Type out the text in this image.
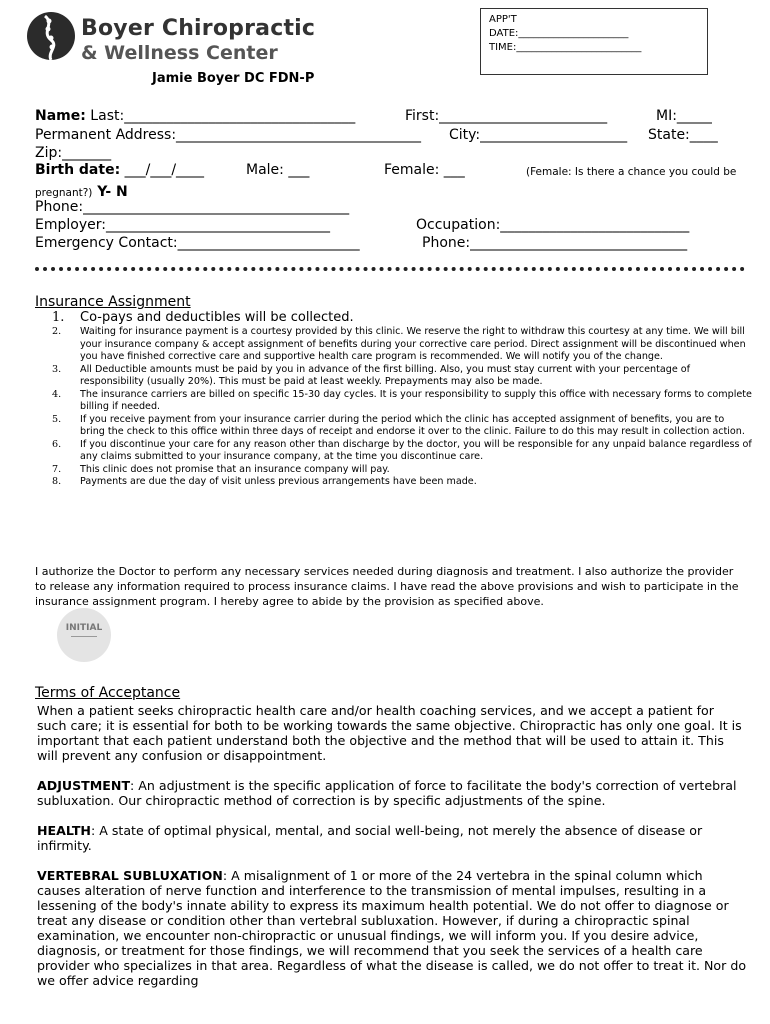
Boyer Chiropractic
& Wellness Center
APP'T
DATE:______________________
TIME:_________________________
Jamie Boyer DC FDN-P
Name: Last:_________________________________	First:________________________	MI:_____
Permanent Address:___________________________________ City:_____________________ State:____
Zip:_______
Birth date: ___/___/____	Male: ___	Female: ___	(Female: Is there a chance you could be
pregnant?) Y- N
Phone:______________________________________
Employer:________________________________	Occupation:___________________________
Emergency Contact:__________________________	Phone:_______________________________
Insurance Assignment
1.	Co-pays and deductibles will be collected.
2.	Waiting for insurance payment is a courtesy provided by this clinic. We reserve the right to withdraw this courtesy at any time. We will bill your insurance company & accept assignment of benefits during your corrective care period. Direct assignment will be discontinued when you have finished corrective care and supportive health care program is recommended. We will notify you of the change.
3.	All Deductible amounts must be paid by you in advance of the first billing. Also, you must stay current with your percentage of responsibility (usually 20%). This must be paid at least weekly. Prepayments may also be made.
4.	The insurance carriers are billed on specific 15-30 day cycles. It is your responsibility to supply this office with necessary forms to complete billing if needed.
5.	If you receive payment from your insurance carrier during the period which the clinic has accepted assignment of benefits, you are to bring the check to this office within three days of receipt and endorse it over to the clinic. Failure to do this may result in collection action.
6.	If you discontinue your care for any reason other than discharge by the doctor, you will be responsible for any unpaid balance regardless of any claims submitted to your insurance company, at the time you discontinue care.
7.	This clinic does not promise that an insurance company will pay.
8.	Payments are due the day of visit unless previous arrangements have been made.
I authorize the Doctor to perform any necessary services needed during diagnosis and treatment. I also authorize the provider to release any information required to process insurance claims. I have read the above provisions and wish to participate in the insurance assignment program. I hereby agree to abide by the provision as specified above.
INITIAL
Terms of Acceptance

When a patient seeks chiropractic health care and/or health coaching services, and we accept a patient for such care; it is essential for both to be working towards the same objective. Chiropractic has only one goal. It is important that each patient understand both the objective and the method that will be used to attain it. This will prevent any confusion or disappointment.

ADJUSTMENT: An adjustment is the specific application of force to facilitate the body's correction of vertebral subluxation. Our chiropractic method of correction is by specific adjustments of the spine.

HEALTH: A state of optimal physical, mental, and social well-being, not merely the absence of disease or infirmity.

VERTEBRAL SUBLUXATION: A misalignment of 1 or more of the 24 vertebra in the spinal column which causes alteration of nerve function and interference to the transmission of mental impulses, resulting in a lessening of the body's innate ability to express its maximum health potential. We do not offer to diagnose or treat any disease or condition other than vertebral subluxation. However, if during a chiropractic spinal examination, we encounter non-chiropractic or unusual findings, we will inform you. If you desire advice, diagnosis, or treatment for those findings, we will recommend that you seek the services of a health care provider who specializes in that area. Regardless of what the disease is called, we do not offer to treat it. Nor do we offer advice regarding
